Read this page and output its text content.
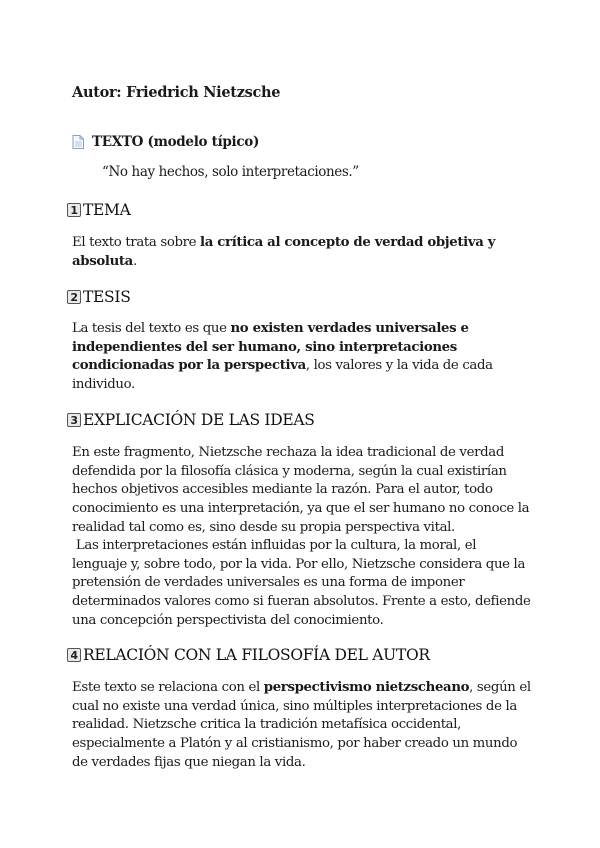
Autor: Friedrich Nietzsche
TEXTO (modelo típico)
“No hay hechos, solo interpretaciones.”
1 TEMA

El texto trata sobre la crítica al concepto de verdad objetiva y absoluta.

2 TESIS

La tesis del texto es que no existen verdades universales e independientes del ser humano, sino interpretaciones condicionadas por la perspectiva, los valores y la vida de cada individuo.

3 EXPLICACIÓN DE LAS IDEAS

En este fragmento, Nietzsche rechaza la idea tradicional de verdad defendida por la filosofía clásica y moderna, según la cual existirían hechos objetivos accesibles mediante la razón. Para el autor, todo conocimiento es una interpretación, ya que el ser humano no conoce la realidad tal como es, sino desde su propia perspectiva vital.

Las interpretaciones están influidas por la cultura, la moral, el lenguaje y, sobre todo, por la vida. Por ello, Nietzsche considera que la pretensión de verdades universales es una forma de imponer determinados valores como si fueran absolutos. Frente a esto, defiende una concepción perspectivista del conocimiento.

4 RELACIÓN CON LA FILOSOFÍA DEL AUTOR

Este texto se relaciona con el perspectivismo nietzscheano, según el cual no existe una verdad única, sino múltiples interpretaciones de la realidad. Nietzsche critica la tradición metafísica occidental, especialmente a Platón y al cristianismo, por haber creado un mundo de verdades fijas que niegan la vida.
